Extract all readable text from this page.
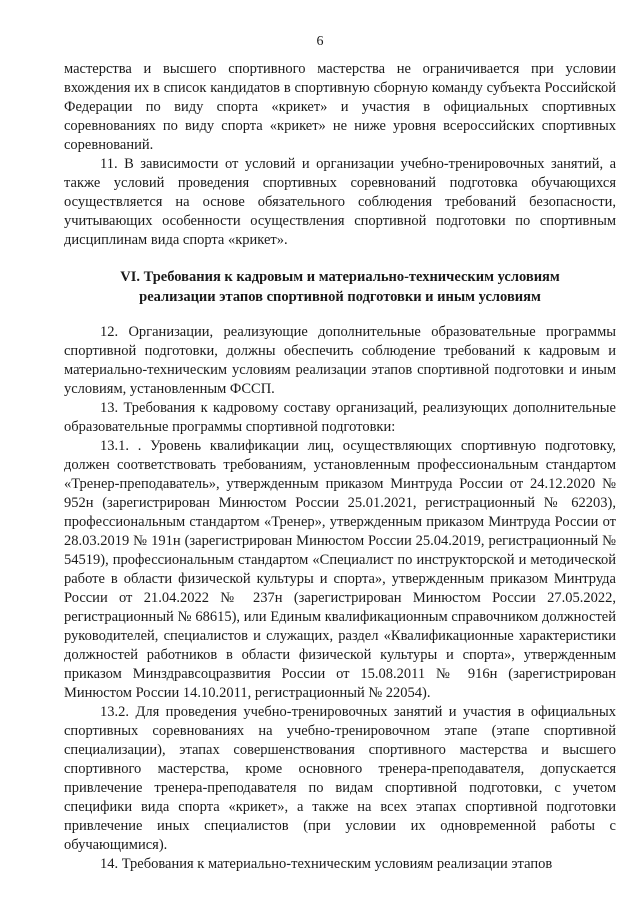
6

мастерства и высшего спортивного мастерства не ограничивается при условии вхождения их в список кандидатов в спортивную сборную команду субъекта Российской Федерации по виду спорта «крикет» и участия в официальных спортивных соревнованиях по виду спорта «крикет» не ниже уровня всероссийских спортивных соревнований.

11. В зависимости от условий и организации учебно-тренировочных занятий, а также условий проведения спортивных соревнований подготовка обучающихся осуществляется на основе обязательного соблюдения требований безопасности, учитывающих особенности осуществления спортивной подготовки по спортивным дисциплинам вида спорта «крикет».

VI. Требования к кадровым и материально-техническим условиям
реализации этапов спортивной подготовки и иным условиям

12. Организации, реализующие дополнительные образовательные программы спортивной подготовки, должны обеспечить соблюдение требований к кадровым и материально-техническим условиям реализации этапов спортивной подготовки и иным условиям, установленным ФССП.

13. Требования к кадровому составу организаций, реализующих дополнительные образовательные программы спортивной подготовки:

13.1. . Уровень квалификации лиц, осуществляющих спортивную подготовку, должен соответствовать требованиям, установленным профессиональным стандартом «Тренер-преподаватель», утвержденным приказом Минтруда России от 24.12.2020 № 952н (зарегистрирован Минюстом России 25.01.2021, регистрационный № 62203), профессиональным стандартом «Тренер», утвержденным приказом Минтруда России от 28.03.2019 № 191н (зарегистрирован Минюстом России 25.04.2019, регистрационный № 54519), профессиональным стандартом «Специалист по инструкторской и методической работе в области физической культуры и спорта», утвержденным приказом Минтруда России от 21.04.2022 № 237н (зарегистрирован Минюстом России 27.05.2022, регистрационный № 68615), или Единым квалификационным справочником должностей руководителей, специалистов и служащих, раздел «Квалификационные характеристики должностей работников в области физической культуры и спорта», утвержденным приказом Минздравсоцразвития России от 15.08.2011 № 916н (зарегистрирован Минюстом России 14.10.2011, регистрационный № 22054).

13.2. Для проведения учебно-тренировочных занятий и участия в официальных спортивных соревнованиях на учебно-тренировочном этапе (этапе спортивной специализации), этапах совершенствования спортивного мастерства и высшего спортивного мастерства, кроме основного тренера-преподавателя, допускается привлечение тренера-преподавателя по видам спортивной подготовки, с учетом специфики вида спорта «крикет», а также на всех этапах спортивной подготовки привлечение иных специалистов (при условии их одновременной работы с обучающимися).

14. Требования к материально-техническим условиям реализации этапов
